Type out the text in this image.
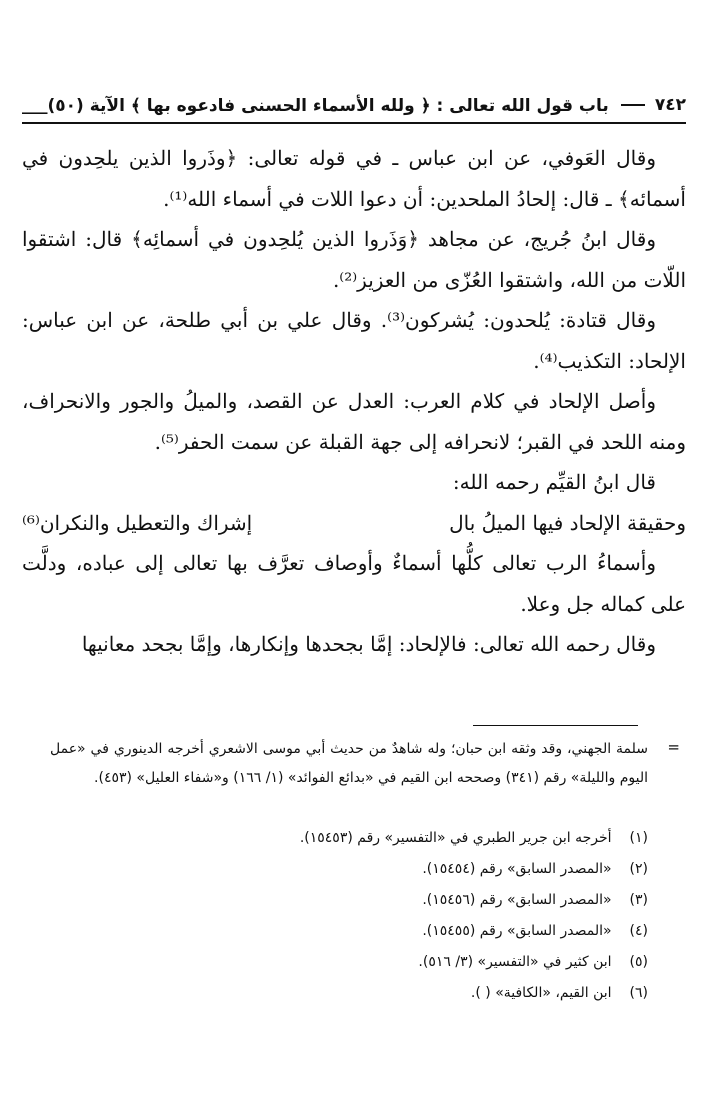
٧٤٢
باب قول الله تعالى : ﴿ ولله الأسماء الحسنى فادعوه بها ﴾ الآية (٥٠)
___

وقال العَوفي، عن ابن عباس ـ في قوله تعالى: ﴿وذَروا الذين يلحِدون في أسمائه﴾ ـ قال: إلحادُ الملحدين: أن دعوا اللات في أسماء الله⁽¹⁾.

وقال ابنُ جُريج، عن مجاهد ﴿وَذَروا الذين يُلحِدون في أسمائِه﴾ قال: اشتقوا اللّات من الله، واشتقوا العُزّى من العزيز⁽²⁾.

وقال قتادة: يُلحدون: يُشركون⁽³⁾. وقال علي بن أبي طلحة، عن ابن عباس: الإلحاد: التكذيب⁽⁴⁾.

وأصل الإلحاد في كلام العرب: العدل عن القصد، والميلُ والجور والانحراف، ومنه اللحد في القبر؛ لانحرافه إلى جهة القبلة عن سمت الحفر⁽⁵⁾.

قال ابنُ القيِّم رحمه الله:

وحقيقة الإلحاد فيها الميلُ بال
إشراك والتعطيل والنكران⁽⁶⁾

وأسماءُ الرب تعالى كلُّها أسماءٌ وأوصاف تعرَّف بها تعالى إلى عباده، ودلَّت على كماله جل وعلا.

وقال رحمه الله تعالى: فالإلحاد: إمَّا بجحدها وإنكارها، وإمَّا بجحد معانيها

=
سلمة الجهني، وقد وثقه ابن حبان؛ وله شاهدٌ من حديث أبي موسى الاشعري أخرجه الدينوري في «عمل اليوم والليلة» رقم (٣٤١) وصححه ابن القيم في «بدائع الفوائد» (١/ ١٦٦) و«شفاء العليل» (٤٥٣).
(١) أخرجه ابن جرير الطبري في «التفسير» رقم (١٥٤٥٣).
(٢) «المصدر السابق» رقم (١٥٤٥٤).
(٣) «المصدر السابق» رقم (١٥٤٥٦).
(٤) «المصدر السابق» رقم (١٥٤٥٥).
(٥) ابن كثير في «التفسير» (٣/ ٥١٦).
(٦) ابن القيم، «الكافية» ( ).
